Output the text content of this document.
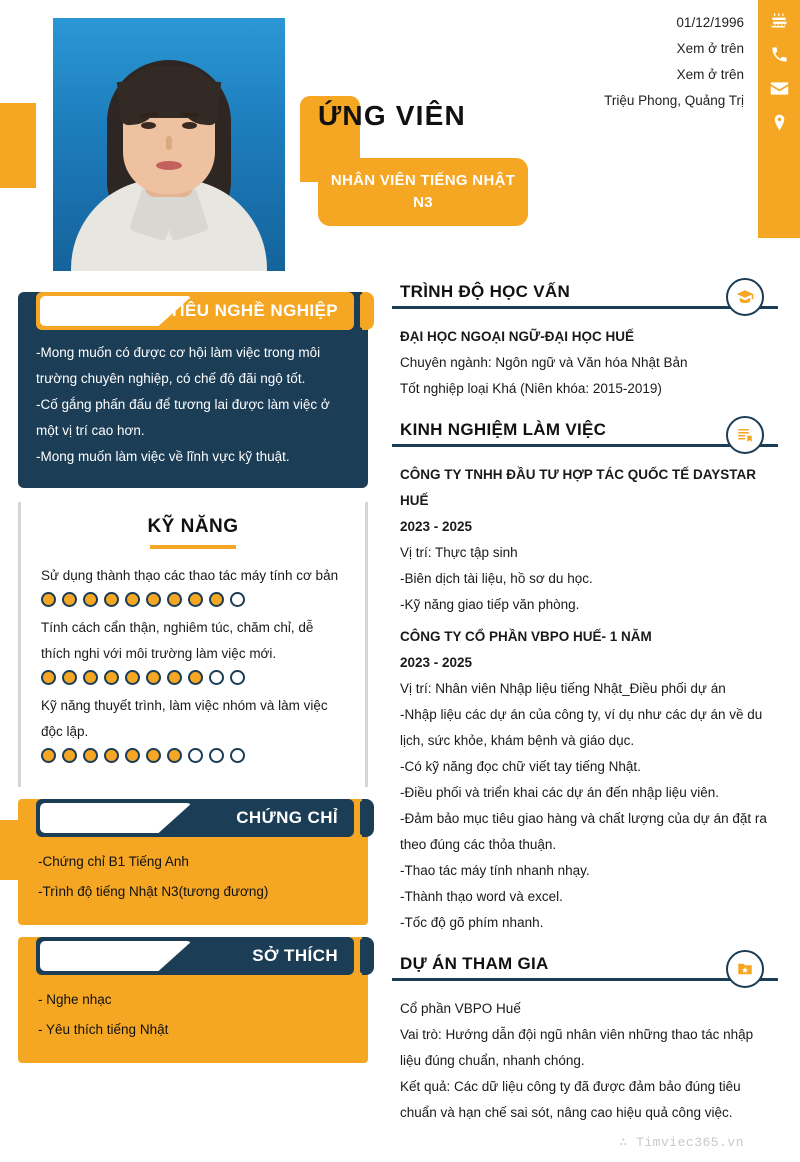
01/12/1996
Xem ở trên
Xem ở trên
Triệu Phong, Quảng Trị
ỨNG VIÊN
NHÂN VIÊN TIẾNG NHẬT N3
MỤC TIÊU NGHỀ NGHIỆP

-Mong muốn có được cơ hội làm việc trong môi trường chuyên nghiệp, có chế độ đãi ngộ tốt.

-Cố gắng phấn đấu để tương lai được làm việc ở một vị trí cao hơn.

-Mong muốn làm việc về lĩnh vực kỹ thuật.

KỸ NĂNG
Sử dụng thành thạo các thao tác máy tính cơ bản
Tính cách cẩn thận, nghiêm túc, chăm chỉ, dễ thích nghi với môi trường làm việc mới.
Kỹ năng thuyết trình, làm việc nhóm và làm việc độc lập.
CHỨNG CHỈ

-Chứng chỉ B1 Tiếng Anh

-Trình độ tiếng Nhật N3(tương đương)

SỞ THÍCH

- Nghe nhạc

- Yêu thích tiếng Nhật

TRÌNH ĐỘ HỌC VẤN

ĐẠI HỌC NGOẠI NGỮ-ĐẠI HỌC HUẾ

Chuyên ngành: Ngôn ngữ và Văn hóa Nhật Bản

Tốt nghiệp loại Khá (Niên khóa: 2015-2019)

KINH NGHIỆM LÀM VIỆC

CÔNG TY TNHH ĐẦU TƯ HỢP TÁC QUỐC TẾ DAYSTAR HUẾ

2023 - 2025

Vị trí: Thực tập sinh

-Biên dịch tài liệu, hồ sơ du học.

-Kỹ năng giao tiếp văn phòng.

CÔNG TY CỔ PHẦN VBPO HUẾ- 1 NĂM

2023 - 2025

Vị trí: Nhân viên Nhập liệu tiếng Nhật_Điều phối dự án

-Nhập liệu các dự án của công ty, ví dụ như các dự án về du lịch, sức khỏe, khám bệnh và giáo dục.

-Có kỹ năng đọc chữ viết tay tiếng Nhật.

-Điều phối và triển khai các dự án đến nhập liệu viên.

-Đảm bảo mục tiêu giao hàng và chất lượng của dự án đặt ra theo đúng các thỏa thuận.

-Thao tác máy tính nhanh nhạy.

-Thành thạo word và excel.

-Tốc độ gõ phím nhanh.

DỰ ÁN THAM GIA

Cổ phần VBPO Huế

Vai trò: Hướng dẫn đội ngũ nhân viên những thao tác nhập liệu đúng chuẩn, nhanh chóng.

Kết quả: Các dữ liệu công ty đã được đảm bảo đúng tiêu chuẩn và hạn chế sai sót, nâng cao hiệu quả công việc.

∴ Timviec365.vn
